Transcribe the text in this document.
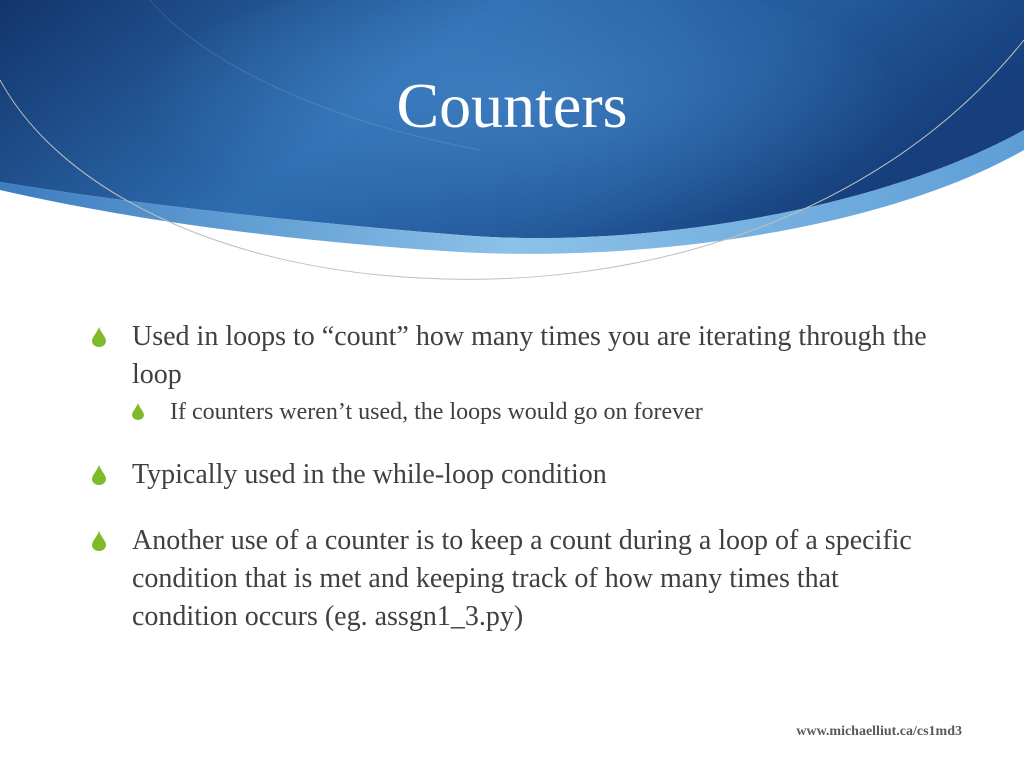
Counters
Used in loops to “count” how many times you are iterating through the loop
If counters weren’t used, the loops would go on forever
Typically used in the while-loop condition
Another use of a counter is to keep a count during a loop of a specific condition that is met and keeping track of how many times that condition occurs (eg. assgn1_3.py)
www.michaelliut.ca/cs1md3
